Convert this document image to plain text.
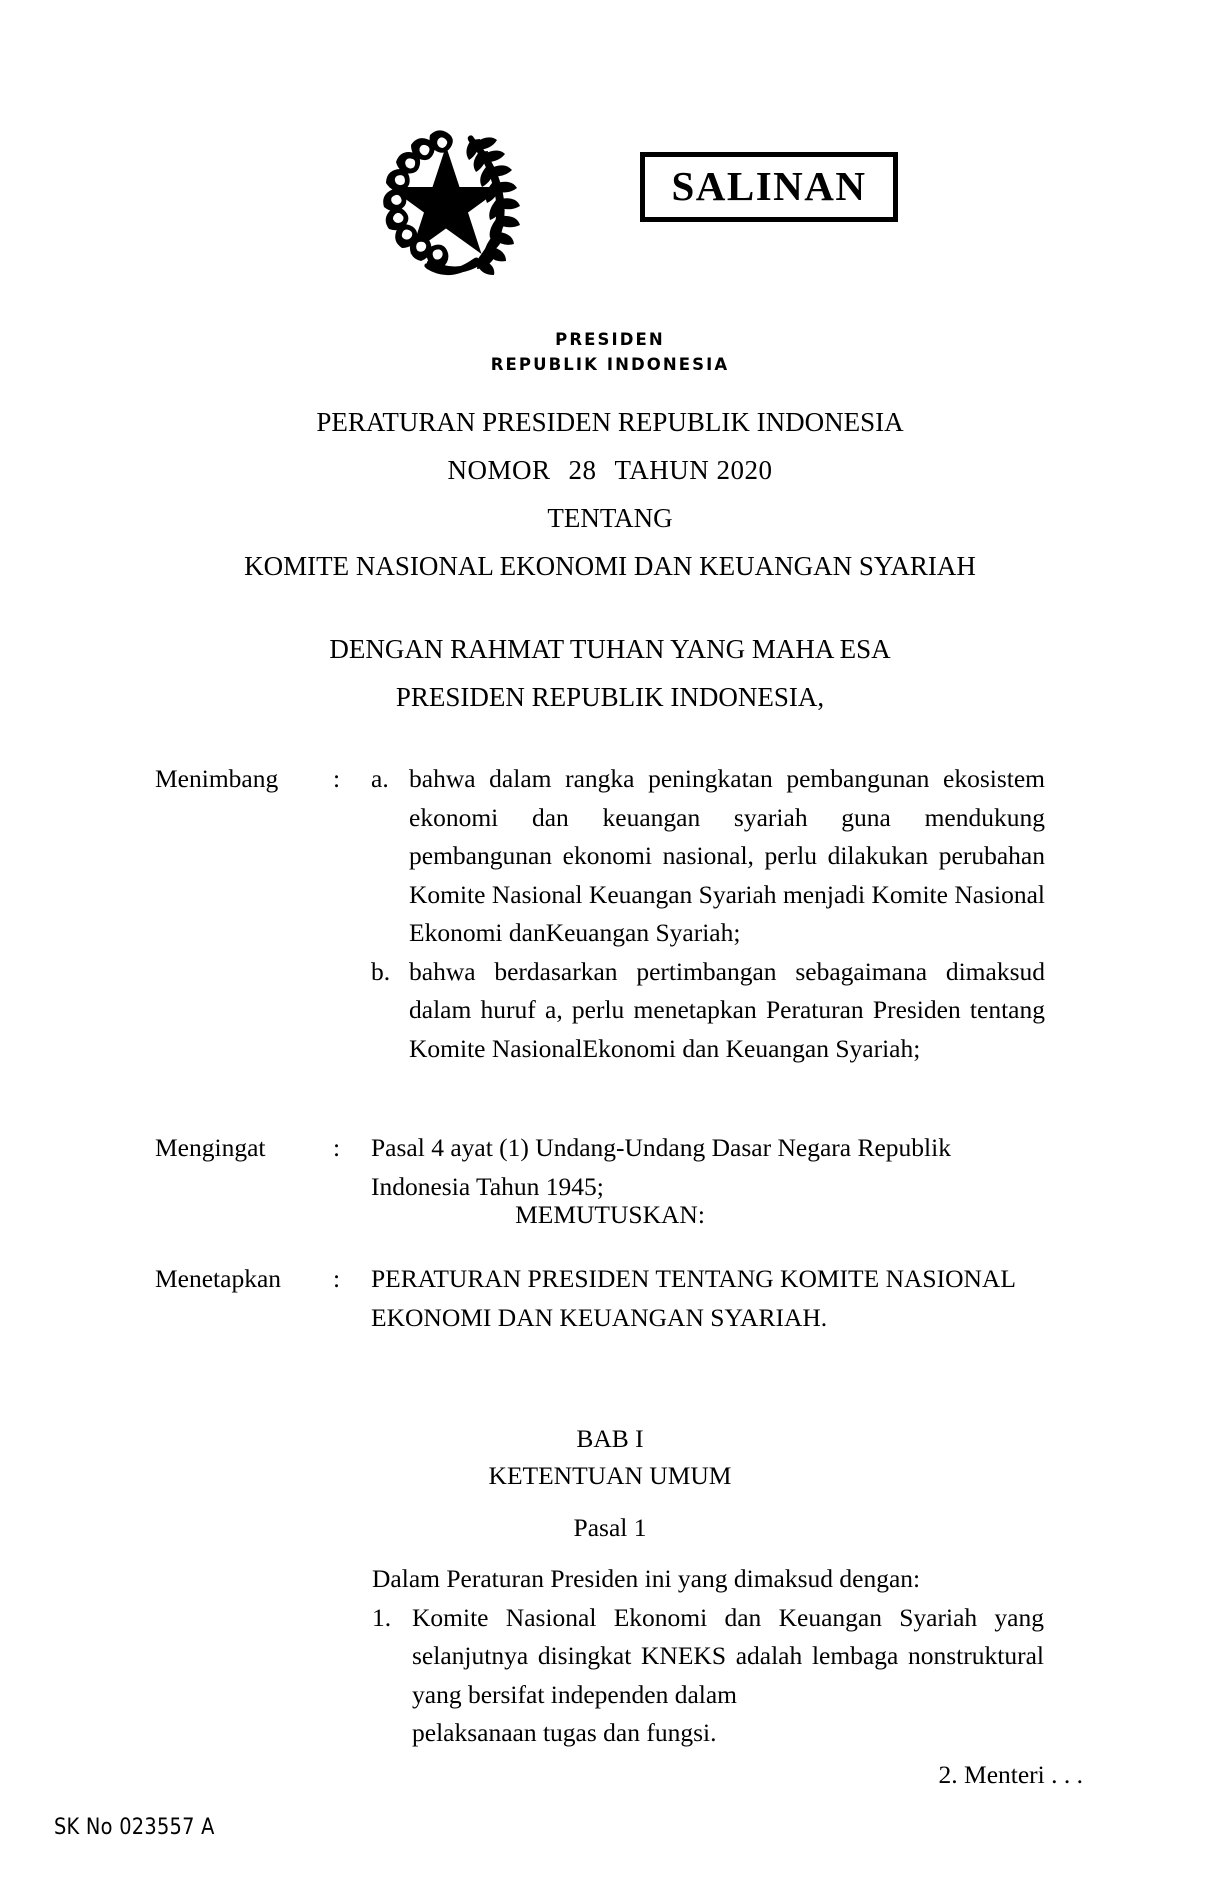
SALINAN
PRESIDEN
REPUBLIK INDONESIA
PERATURAN PRESIDEN REPUBLIK INDONESIA
NOMOR 28 TAHUN 2020
TENTANG
KOMITE NASIONAL EKONOMI DAN KEUANGAN SYARIAH
DENGAN RAHMAT TUHAN YANG MAHA ESA
PRESIDEN REPUBLIK INDONESIA,
Menimbang	:	a. bahwa dalam rangka peningkatan pembangunan ekosistem ekonomi dan keuangan syariah guna mendukung pembangunan ekonomi nasional, perlu dilakukan perubahan Komite Nasional Keuangan Syariah menjadi Komite Nasional Ekonomi danKeuangan Syariah;
b. bahwa berdasarkan pertimbangan sebagaimana dimaksud dalam huruf a, perlu menetapkan Peraturan Presiden tentang Komite NasionalEkonomi dan Keuangan Syariah;
Mengingat	:	Pasal 4 ayat (1) Undang-Undang Dasar Negara Republik
Indonesia Tahun 1945;
MEMUTUSKAN:
Menetapkan	:	PERATURAN PRESIDEN TENTANG KOMITE NASIONAL
EKONOMI DAN KEUANGAN SYARIAH.
BAB I
KETENTUAN UMUM
Pasal 1
Dalam Peraturan Presiden ini yang dimaksud dengan:
1. Komite Nasional Ekonomi dan Keuangan Syariah yang selanjutnya disingkat KNEKS adalah lembaga nonstruktural yang bersifat independen dalam
pelaksanaan tugas dan fungsi.
2. Menteri . . .
SK No 023557 A
